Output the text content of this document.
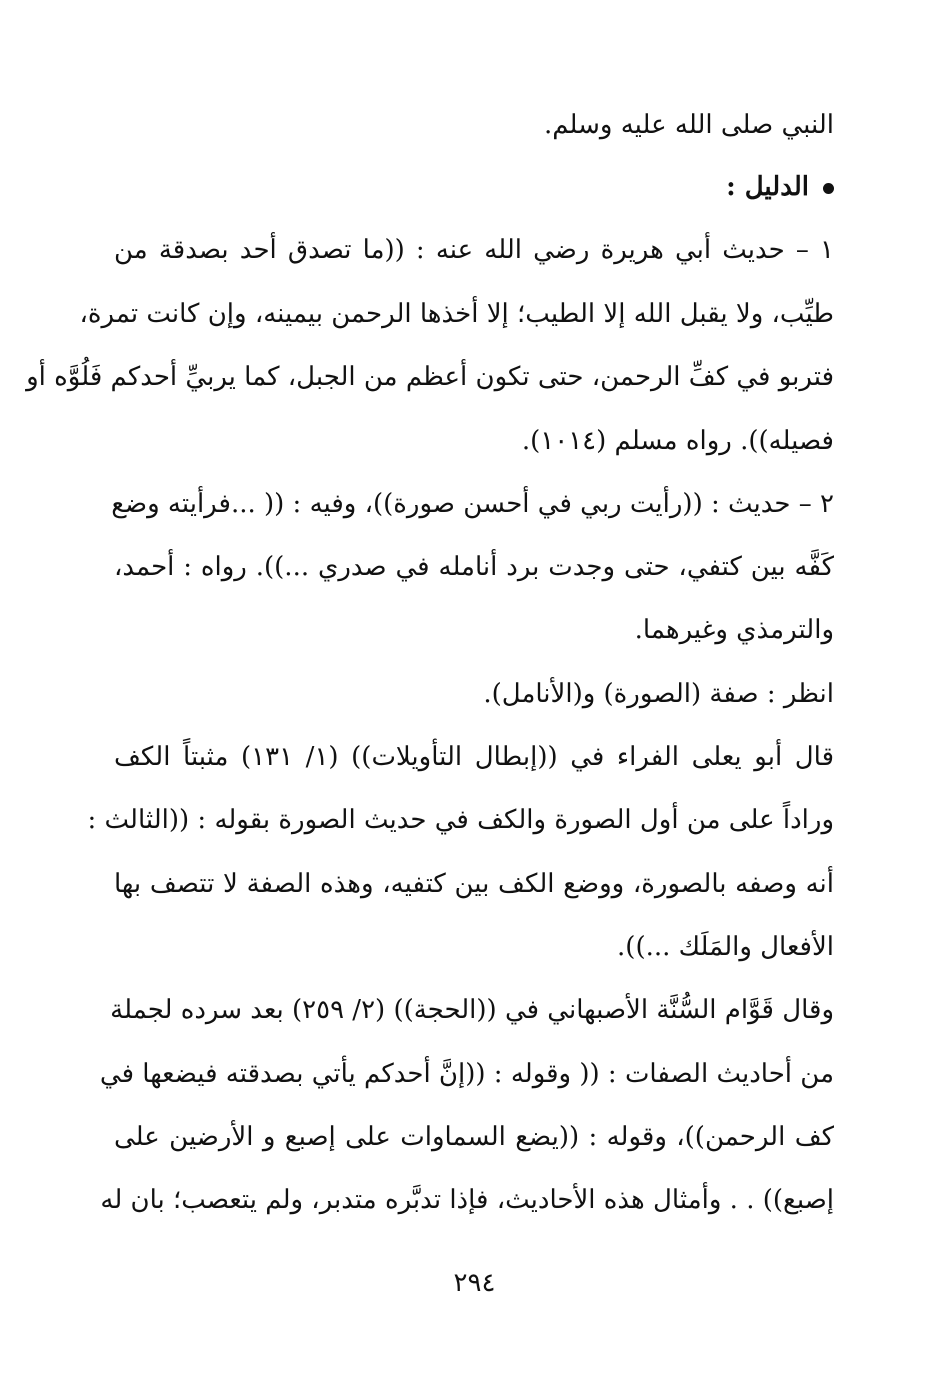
النبي صلى الله عليه وسلم.
الدليل :
١ – حديث أبي هريرة رضي الله عنه : ((ما تصدق أحد بصدقة من
طيِّب، ولا يقبل الله إلا الطيب؛ إلا أخذها الرحمن بيمينه، وإن كانت تمرة،
فتربو في كفِّ الرحمن، حتى تكون أعظم من الجبل، كما يربيِّ أحدكم فَلُوَّه أو
فصيله)). رواه مسلم (١٠١٤).
٢ – حديث : ((رأيت ربي في أحسن صورة))، وفيه : (( ...فرأيته وضع
كَفَّه بين كتفي، حتى وجدت برد أنامله في صدري ...)). رواه : أحمد،
والترمذي وغيرهما.
انظر : صفة (الصورة) و(الأنامل).
قال أبو يعلى الفراء في ((إبطال التأويلات)) (١/ ١٣١) مثبتاً الكف
وراداً على من أول الصورة والكف في حديث الصورة بقوله : ((الثالث :
أنه وصفه بالصورة، ووضع الكف بين كتفيه، وهذه الصفة لا تتصف بها
الأفعال والمَلَك ...)).
وقال قَوَّام السُّنَّة الأصبهاني في ((الحجة)) (٢/ ٢٥٩) بعد سرده لجملة
من أحاديث الصفات : (( وقوله : ((إنَّ أحدكم يأتي بصدقته فيضعها في
كف الرحمن))، وقوله : ((يضع السماوات على إصبع و الأرضين على
إصبع)) . . وأمثال هذه الأحاديث، فإذا تدبَّره متدبر، ولم يتعصب؛ بان له
٢٩٤
